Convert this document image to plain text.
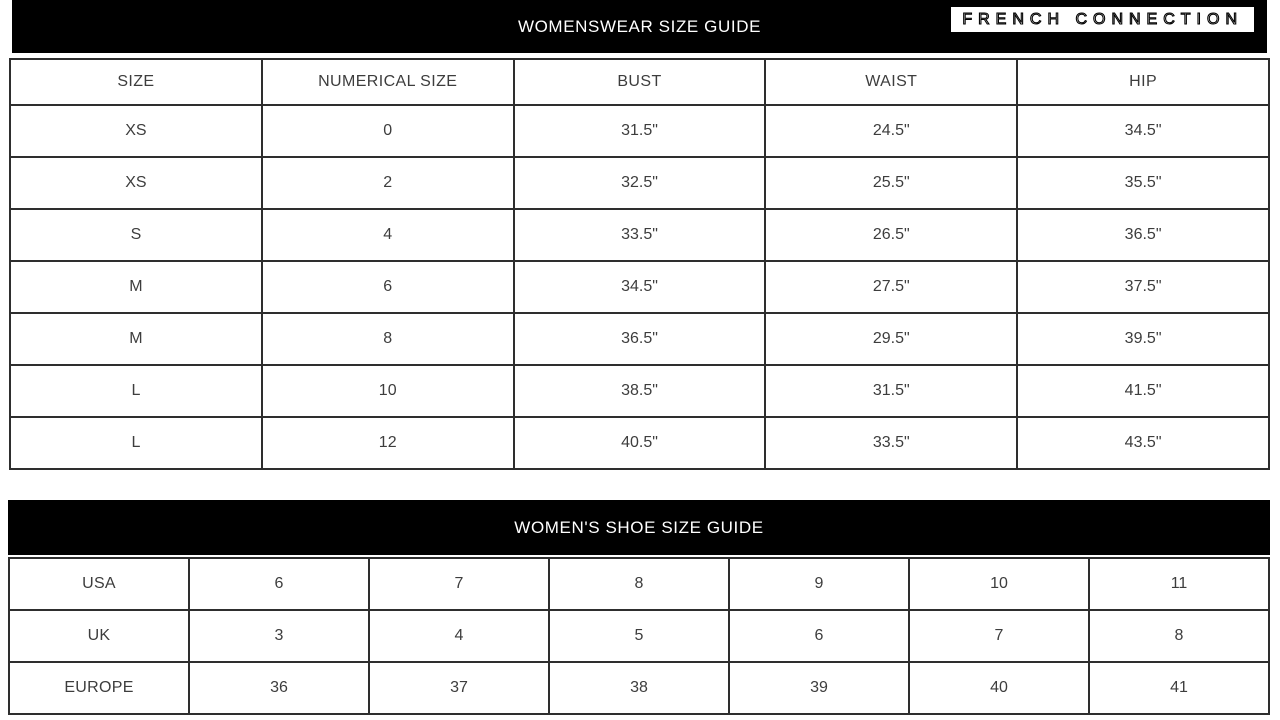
WOMENSWEAR SIZE GUIDE	FRENCH CONNECTION
SIZE	NUMERICAL SIZE	BUST	WAIST	HIP
XS	0	31.5"	24.5"	34.5"
XS	2	32.5"	25.5"	35.5"
S	4	33.5"	26.5"	36.5"
M	6	34.5"	27.5"	37.5"
M	8	36.5"	29.5"	39.5"
L	10	38.5"	31.5"	41.5"
L	12	40.5"	33.5"	43.5"
WOMEN'S SHOE SIZE GUIDE
USA	6	7	8	9	10	11
UK	3	4	5	6	7	8
EUROPE	36	37	38	39	40	41
